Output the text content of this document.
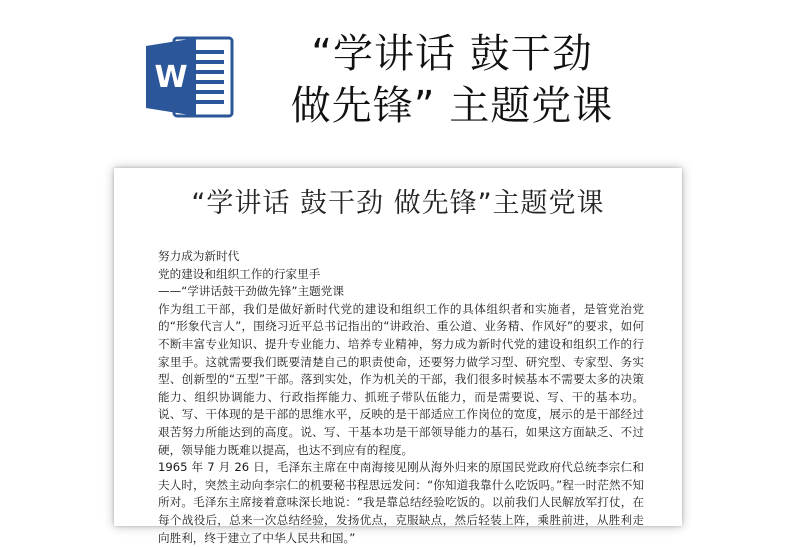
W
“学讲话 鼓干劲
做先锋” 主题党课
“学讲话 鼓干劲 做先锋”主题党课
努力成为新时代
党的建设和组织工作的行家里手
——“学讲话鼓干劲做先锋”主题党课
作为组工干部，我们是做好新时代党的建设和组织工作的具体组织者和实施者，是管党治党的“形象代言人”，围绕习近平总书记指出的“讲政治、重公道、业务精、作风好”的要求，如何不断丰富专业知识、提升专业能力、培养专业精神，努力成为新时代党的建设和组织工作的行家里手。这就需要我们既要清楚自己的职责使命，还要努力做学习型、研究型、专家型、务实型、创新型的“五型”干部。落到实处，作为机关的干部，我们很多时候基本不需要太多的决策能力、组织协调能力、行政指挥能力、抓班子带队伍能力，而是需要说、写、干的基本功。说、写、干体现的是干部的思维水平，反映的是干部适应工作岗位的宽度，展示的是干部经过艰苦努力所能达到的高度。说、写、干基本功是干部领导能力的基石，如果这方面缺乏、不过硬，领导能力既难以提高，也达不到应有的程度。
1965 年 7 月 26 日，毛泽东主席在中南海接见刚从海外归来的原国民党政府代总统李宗仁和夫人时，突然主动向李宗仁的机要秘书程思远发问：“你知道我靠什么吃饭吗。”程一时茫然不知所对。毛泽东主席接着意味深长地说：“我是靠总结经验吃饭的。以前我们人民解放军打仗，在每个战役后，总来一次总结经验，发扬优点，克服缺点，然后轻装上阵，乘胜前进，从胜利走向胜利，终于建立了中华人民共和国。”
